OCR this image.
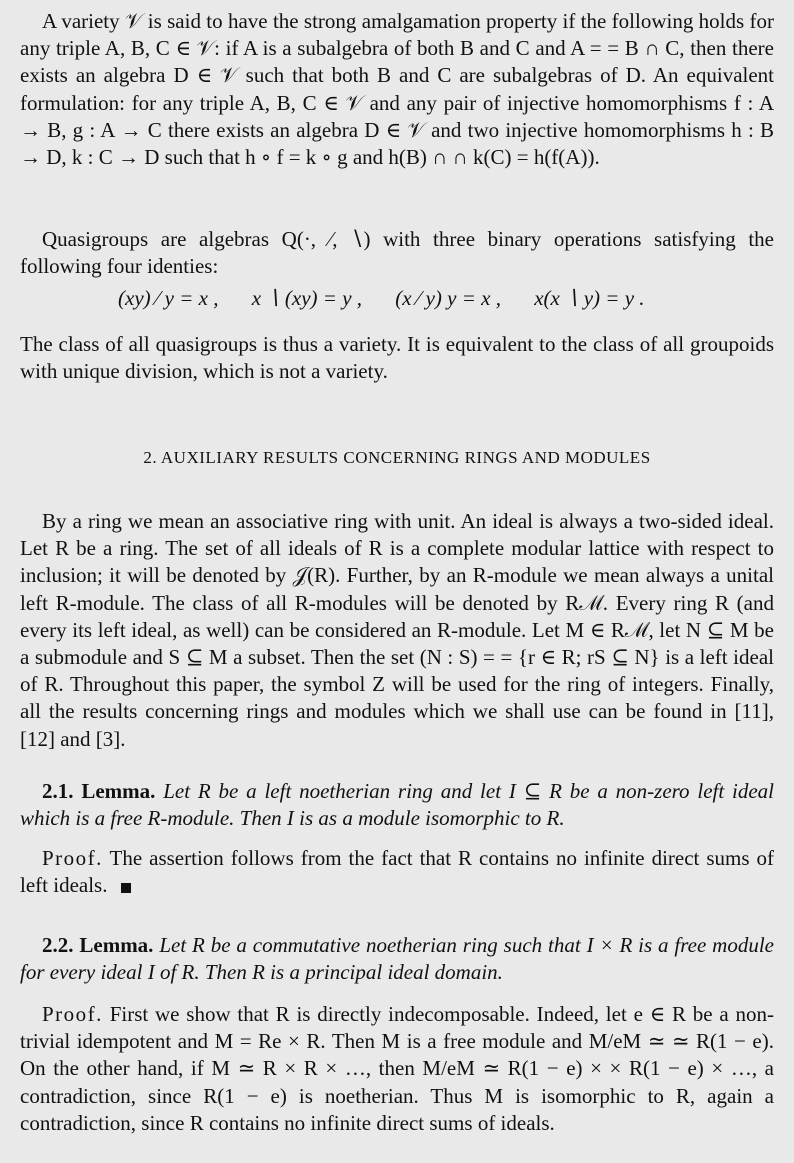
A variety 𝒱 is said to have the strong amalgamation property if the following holds for any triple A, B, C ∈ 𝒱: if A is a subalgebra of both B and C and A = = B ∩ C, then there exists an algebra D ∈ 𝒱 such that both B and C are subalgebras of D. An equivalent formulation: for any triple A, B, C ∈ 𝒱 and any pair of injective homomorphisms f : A → B, g : A → C there exists an algebra D ∈ 𝒱 and two injective homomorphisms h : B → D, k : C → D such that h ∘ f = k ∘ g and h(B) ∩ ∩ k(C) = h(f(A)).

Quasigroups are algebras Q(·, ⁄, ∖) with three binary operations satisfying the following four identies:

(xy) ⁄ y = x , x ∖ (xy) = y , (x ⁄ y) y = x , x(x ∖ y) = y .

The class of all quasigroups is thus a variety. It is equivalent to the class of all groupoids with unique division, which is not a variety.

2. AUXILIARY RESULTS CONCERNING RINGS AND MODULES

By a ring we mean an associative ring with unit. An ideal is always a two-sided ideal. Let R be a ring. The set of all ideals of R is a complete modular lattice with respect to inclusion; it will be denoted by 𝒥(R). Further, by an R-module we mean always a unital left R-module. The class of all R-modules will be denoted by Rℳ. Every ring R (and every its left ideal, as well) can be considered an R-module. Let M ∈ Rℳ, let N ⊆ M be a submodule and S ⊆ M a subset. Then the set (N : S) = = {r ∈ R; rS ⊆ N} is a left ideal of R. Throughout this paper, the symbol Z will be used for the ring of integers. Finally, all the results concerning rings and modules which we shall use can be found in [11], [12] and [3].

2.1. Lemma. Let R be a left noetherian ring and let I ⊆ R be a non-zero left ideal which is a free R-module. Then I is as a module isomorphic to R.

Proof. The assertion follows from the fact that R contains no infinite direct sums of left ideals.

2.2. Lemma. Let R be a commutative noetherian ring such that I × R is a free module for every ideal I of R. Then R is a principal ideal domain.

Proof. First we show that R is directly indecomposable. Indeed, let e ∈ R be a non-trivial idempotent and M = Re × R. Then M is a free module and M/eM ≃ ≃ R(1 − e). On the other hand, if M ≃ R × R × …, then M/eM ≃ R(1 − e) × × R(1 − e) × …, a contradiction, since R(1 − e) is noetherian. Thus M is isomorphic to R, again a contradiction, since R contains no infinite direct sums of ideals.
